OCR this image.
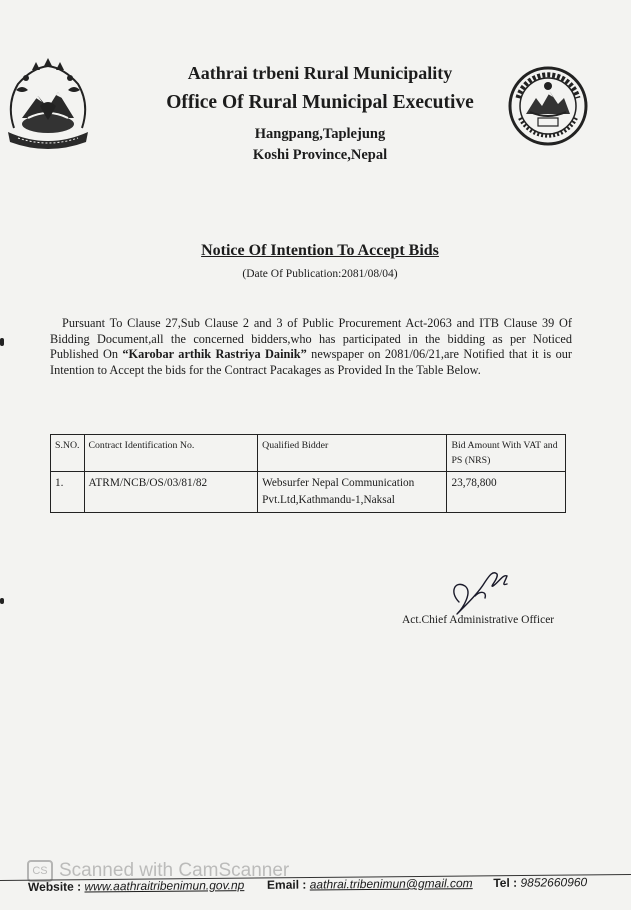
Aathrai trbeni Rural Municipality
Office Of Rural Municipal Executive
Hangpang,Taplejung
Koshi Province,Nepal
Notice Of Intention To Accept Bids
(Date Of Publication:2081/08/04)
Pursuant To Clause 27,Sub Clause 2 and 3 of Public Procurement Act-2063 and ITB Clause 39 Of Bidding Document,all the concerned bidders,who has participated in the bidding as per Noticed Published On “Karobar arthik Rastriya Dainik” newspaper on 2081/06/21,are Notified that it is our Intention to Accept the bids for the Contract Pacakages as Provided In the Table Below.
S.NO.	Contract Identification No.	Qualified Bidder	Bid Amount With VAT and PS (NRS)
1.	ATRM/NCB/OS/03/81/82	Websurfer Nepal Communication Pvt.Ltd,Kathmandu-1,Naksal	23,78,800
Act.Chief Administrative Officer
CS Scanned with CamScanner
Website : www.aathraitribenimun.gov.np Email : aathrai.tribenimun@gmail.com Tel : 9852660960
